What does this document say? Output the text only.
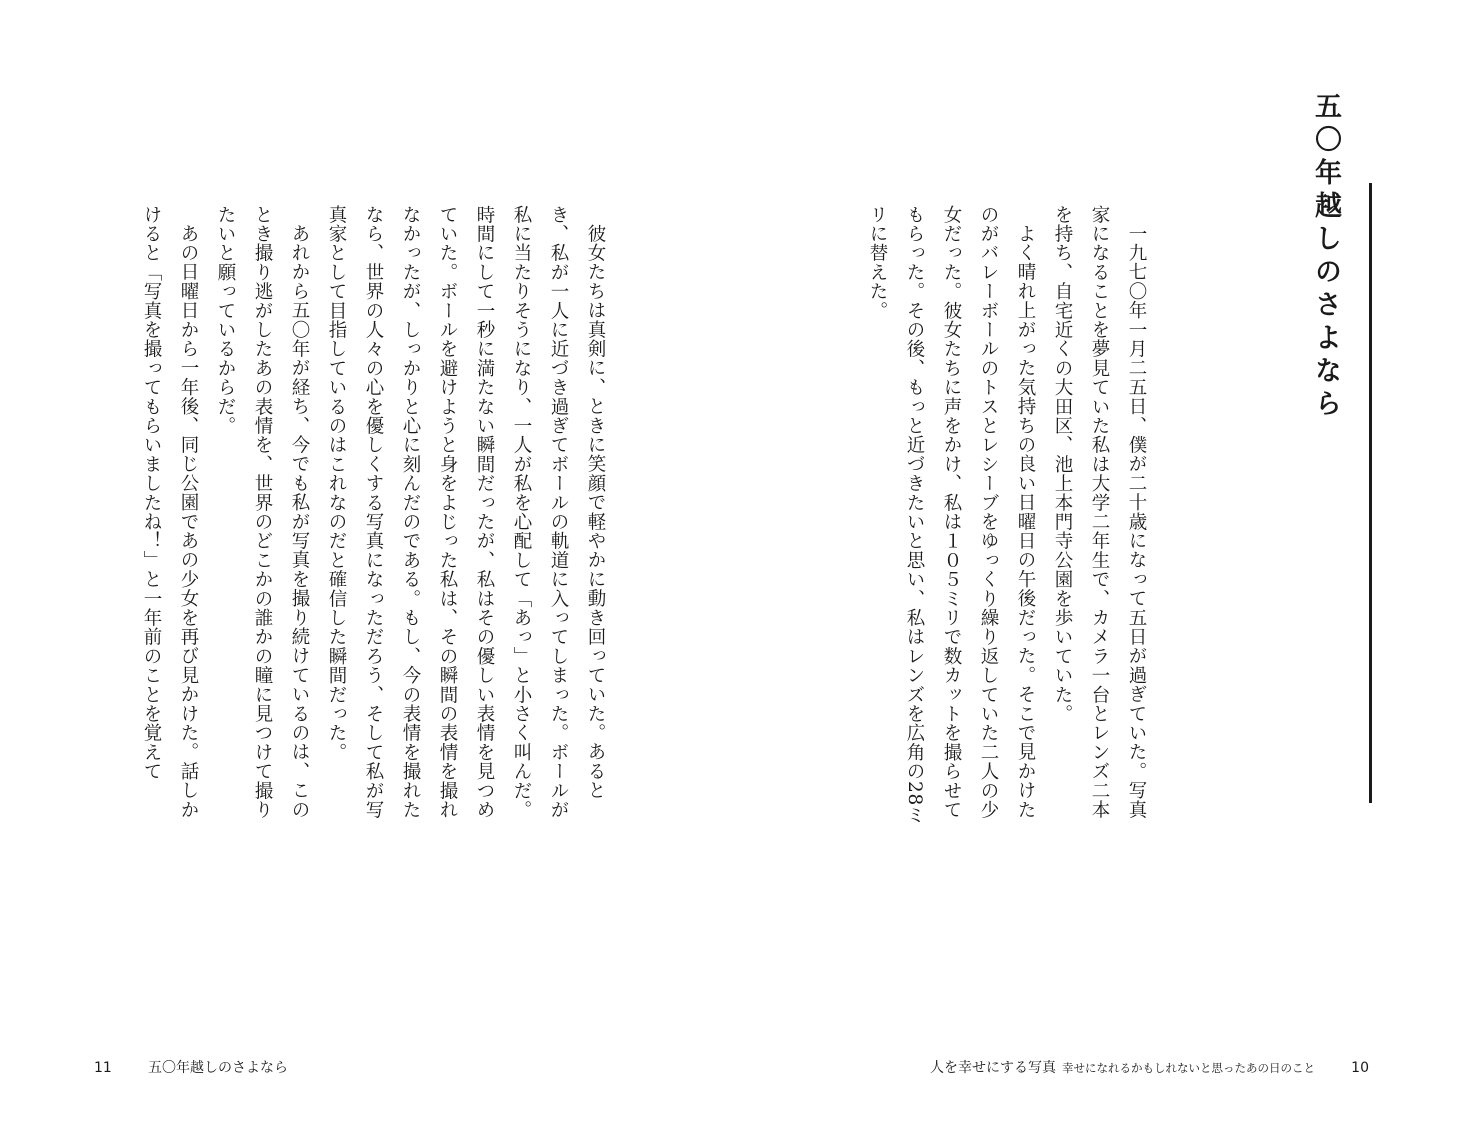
彼女たちは真剣に、ときに笑顔で軽やかに動き回っていた。あるとき、私が一人に近づき過ぎてボールの軌道に入ってしまった。ボールが私に当たりそうになり、一人が私を心配して「あっ」と小さく叫んだ。時間にして一秒に満たない瞬間だったが、私はその優しい表情を見つめていた。ボールを避けようと身をよじった私は、その瞬間の表情を撮れなかったが、しっかりと心に刻んだのである。もし、今の表情を撮れたなら、世界の人々の心を優しくする写真になっただろう、そして私が写真家として目指しているのはこれなのだと確信した瞬間だった。

あれから五〇年が経ち、今でも私が写真を撮り続けているのは、このとき撮り逃がしたあの表情を、世界のどこかの誰かの瞳に見つけて撮りたいと願っているからだ。

あの日曜日から一年後、同じ公園であの少女を再び見かけた。話しかけると「写真を撮ってもらいましたね！」と一年前のことを覚えて

11	五〇年越しのさよなら
五〇年越しのさよなら

一九七〇年一月二五日、僕が二十歳になって五日が過ぎていた。写真家になることを夢見ていた私は大学二年生で、カメラ一台とレンズ二本を持ち、自宅近くの大田区、池上本門寺公園を歩いていた。

よく晴れ上がった気持ちの良い日曜日の午後だった。そこで見かけたのがバレーボールのトスとレシーブをゆっくり繰り返していた二人の少女だった。彼女たちに声をかけ、私は１０５ミリで数カットを撮らせてもらった。その後、もっと近づきたいと思い、私はレンズを広角の28ミリに替えた。

人を幸せにする写真 幸せになれるかもしれないと思ったあの日のこと	10
